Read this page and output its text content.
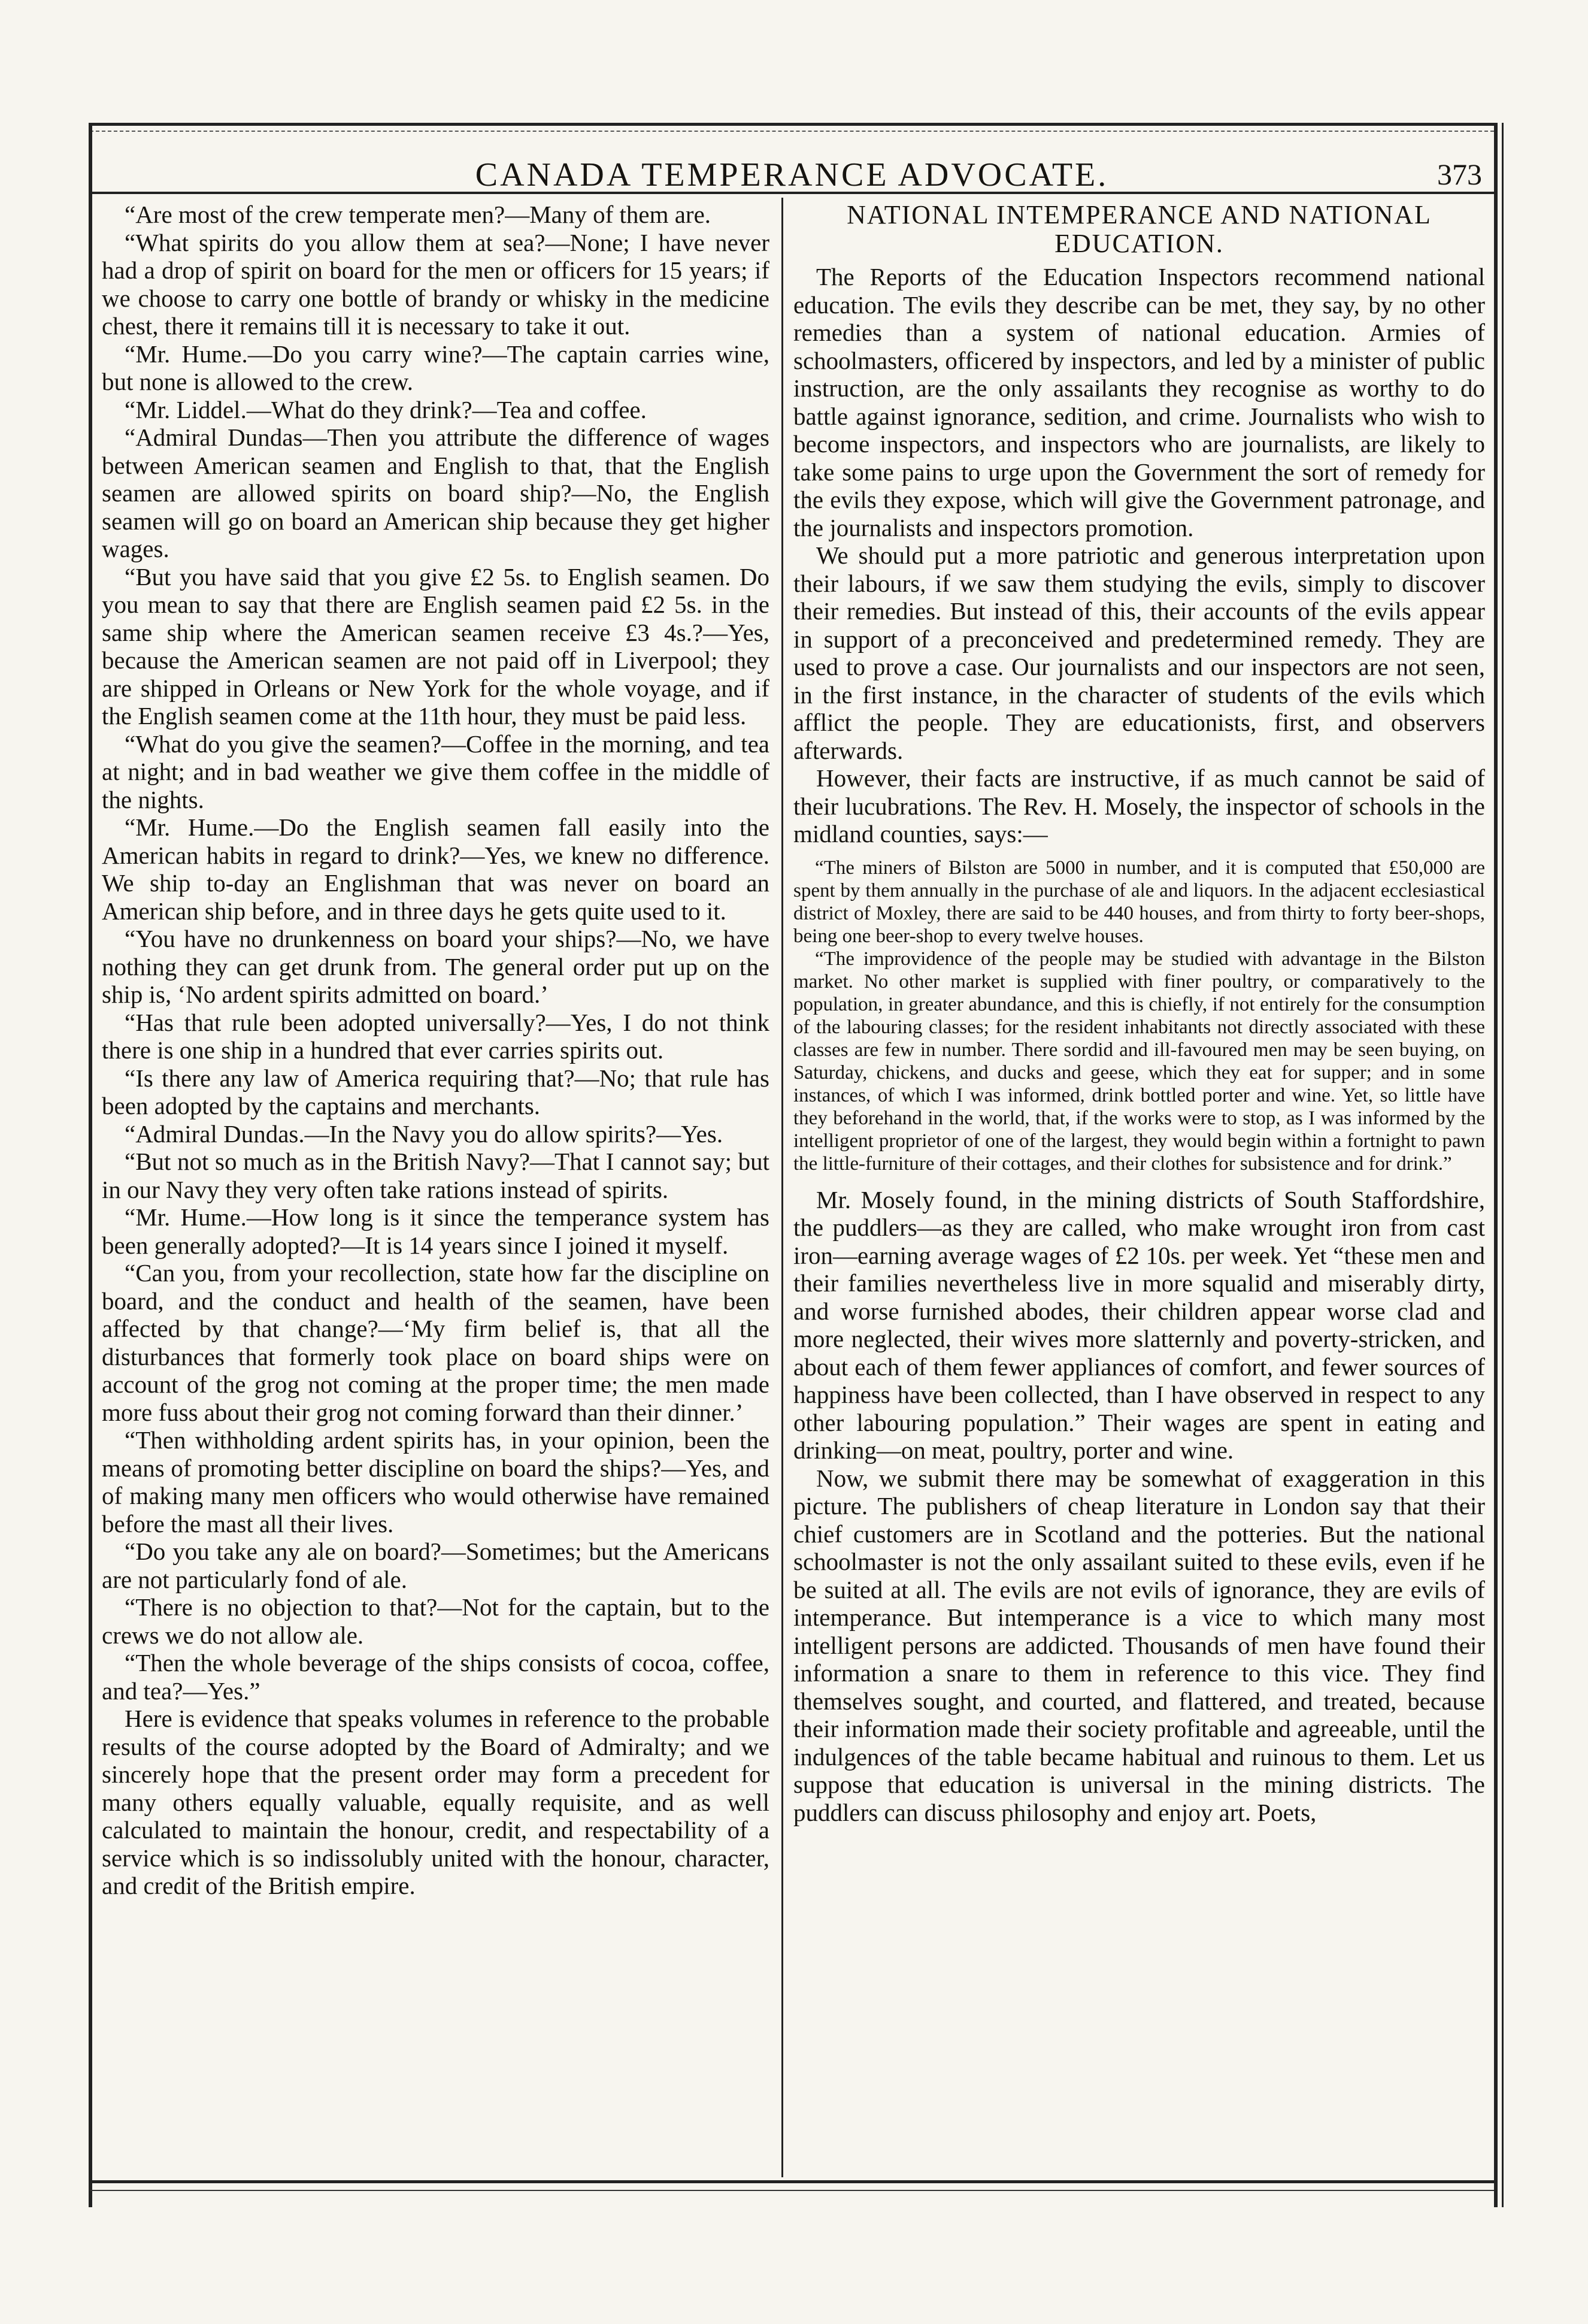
CANADA TEMPERANCE ADVOCATE.	373

“Are most of the crew temperate men?—Many of them are.

“What spirits do you allow them at sea?—None; I have never had a drop of spirit on board for the men or officers for 15 years; if we choose to carry one bottle of brandy or whisky in the medicine chest, there it remains till it is necessary to take it out.

“Mr. Hume.—Do you carry wine?—The captain carries wine, but none is allowed to the crew.

“Mr. Liddel.—What do they drink?—Tea and coffee.

“Admiral Dundas—Then you attribute the difference of wages between American seamen and English to that, that the English seamen are allowed spirits on board ship?—No, the English seamen will go on board an American ship because they get higher wages.

“But you have said that you give £2 5s. to English seamen. Do you mean to say that there are English seamen paid £2 5s. in the same ship where the American seamen receive £3 4s.?—Yes, because the American seamen are not paid off in Liverpool; they are shipped in Orleans or New York for the whole voyage, and if the English seamen come at the 11th hour, they must be paid less.

“What do you give the seamen?—Coffee in the morning, and tea at night; and in bad weather we give them coffee in the middle of the nights.

“Mr. Hume.—Do the English seamen fall easily into the American habits in regard to drink?—Yes, we knew no difference. We ship to-day an Englishman that was never on board an American ship before, and in three days he gets quite used to it.

“You have no drunkenness on board your ships?—No, we have nothing they can get drunk from. The general order put up on the ship is, ‘No ardent spirits admitted on board.’

“Has that rule been adopted universally?—Yes, I do not think there is one ship in a hundred that ever carries spirits out.

“Is there any law of America requiring that?—No; that rule has been adopted by the captains and merchants.

“Admiral Dundas.—In the Navy you do allow spirits?—Yes.

“But not so much as in the British Navy?—That I cannot say; but in our Navy they very often take rations instead of spirits.

“Mr. Hume.—How long is it since the temperance system has been generally adopted?—It is 14 years since I joined it myself.

“Can you, from your recollection, state how far the discipline on board, and the conduct and health of the seamen, have been affected by that change?—‘My firm belief is, that all the disturbances that formerly took place on board ships were on account of the grog not coming at the proper time; the men made more fuss about their grog not coming forward than their dinner.’

“Then withholding ardent spirits has, in your opinion, been the means of promoting better discipline on board the ships?—Yes, and of making many men officers who would otherwise have remained before the mast all their lives.

“Do you take any ale on board?—Sometimes; but the Americans are not particularly fond of ale.

“There is no objection to that?—Not for the captain, but to the crews we do not allow ale.

“Then the whole beverage of the ships consists of cocoa, coffee, and tea?—Yes.”

Here is evidence that speaks volumes in reference to the probable results of the course adopted by the Board of Admiralty; and we sincerely hope that the present order may form a precedent for many others equally valuable, equally requisite, and as well calculated to maintain the honour, credit, and respectability of a service which is so indissolubly united with the honour, character, and credit of the British empire.

NATIONAL INTEMPERANCE AND NATIONAL EDUCATION.

The Reports of the Education Inspectors recommend national education. The evils they describe can be met, they say, by no other remedies than a system of national education. Armies of schoolmasters, officered by inspectors, and led by a minister of public instruction, are the only assailants they recognise as worthy to do battle against ignorance, sedition, and crime. Journalists who wish to become inspectors, and inspectors who are journalists, are likely to take some pains to urge upon the Government the sort of remedy for the evils they expose, which will give the Government patronage, and the journalists and inspectors promotion.

We should put a more patriotic and generous interpretation upon their labours, if we saw them studying the evils, simply to discover their remedies. But instead of this, their accounts of the evils appear in support of a preconceived and predetermined remedy. They are used to prove a case. Our journalists and our inspectors are not seen, in the first instance, in the character of students of the evils which afflict the people. They are educationists, first, and observers afterwards.

However, their facts are instructive, if as much cannot be said of their lucubrations. The Rev. H. Mosely, the inspector of schools in the midland counties, says:—

“The miners of Bilston are 5000 in number, and it is computed that £50,000 are spent by them annually in the purchase of ale and liquors. In the adjacent ecclesiastical district of Moxley, there are said to be 440 houses, and from thirty to forty beer-shops, being one beer-shop to every twelve houses.

“The improvidence of the people may be studied with advantage in the Bilston market. No other market is supplied with finer poultry, or comparatively to the population, in greater abundance, and this is chiefly, if not entirely for the consumption of the labouring classes; for the resident inhabitants not directly associated with these classes are few in number. There sordid and ill-favoured men may be seen buying, on Saturday, chickens, and ducks and geese, which they eat for supper; and in some instances, of which I was informed, drink bottled porter and wine. Yet, so little have they beforehand in the world, that, if the works were to stop, as I was informed by the intelligent proprietor of one of the largest, they would begin within a fortnight to pawn the little-furniture of their cottages, and their clothes for subsistence and for drink.”

Mr. Mosely found, in the mining districts of South Staffordshire, the puddlers—as they are called, who make wrought iron from cast iron—earning average wages of £2 10s. per week. Yet “these men and their families nevertheless live in more squalid and miserably dirty, and worse furnished abodes, their children appear worse clad and more neglected, their wives more slatternly and poverty-stricken, and about each of them fewer appliances of comfort, and fewer sources of happiness have been collected, than I have observed in respect to any other labouring population.” Their wages are spent in eating and drinking—on meat, poultry, porter and wine.

Now, we submit there may be somewhat of exaggeration in this picture. The publishers of cheap literature in London say that their chief customers are in Scotland and the potteries. But the national schoolmaster is not the only assailant suited to these evils, even if he be suited at all. The evils are not evils of ignorance, they are evils of intemperance. But intemperance is a vice to which many most intelligent persons are addicted. Thousands of men have found their information a snare to them in reference to this vice. They find themselves sought, and courted, and flattered, and treated, because their information made their society profitable and agreeable, until the indulgences of the table became habitual and ruinous to them. Let us suppose that education is universal in the mining districts. The puddlers can discuss philosophy and enjoy art. Poets,
